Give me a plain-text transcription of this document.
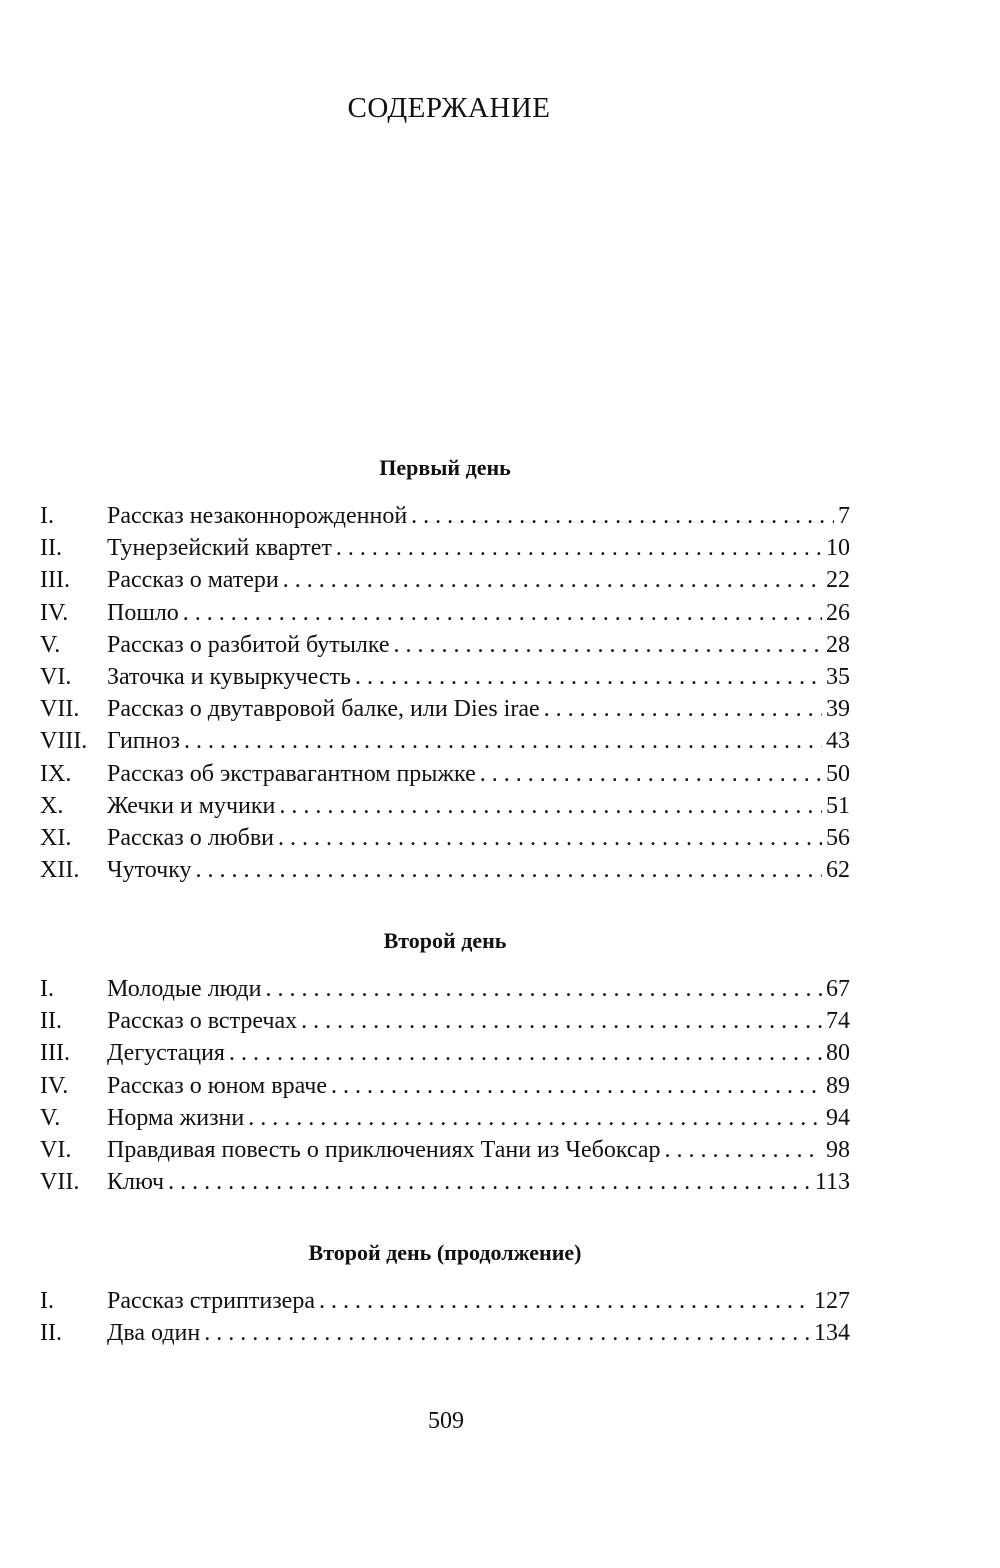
СОДЕРЖАНИЕ
Первый день
I.	Рассказ незаконнорожденной . . .	7
II.	Тунерзейский квартет . . .	10
III.	Рассказ о матери . . .	22
IV.	Пошло . . .	26
V.	Рассказ о разбитой бутылке . . .	28
VI.	Заточка и кувыркучесть . . .	35
VII.	Рассказ о двутавровой балке, или Dies irae . . .	39
VIII. Гипноз . . .	43
IX.	Рассказ об экстравагантном прыжке . . .	50
X.	Жечки и мучики . . .	51
XI.	Рассказ о любви . . .	56
XII.	Чуточку . . .	62
Второй день
I.	Молодые люди . . .	67
II.	Рассказ о встречах . . .	74
III.	Дегустация . . .	80
IV.	Рассказ о юном враче . . .	89
V.	Норма жизни . . .	94
VI.	Правдивая повесть о приключениях Тани из Чебоксар . . .	98
VII.	Ключ . . .	113
Второй день (продолжение)
I.	Рассказ стриптизера . . .	127
II.	Два один . . .	134
509
